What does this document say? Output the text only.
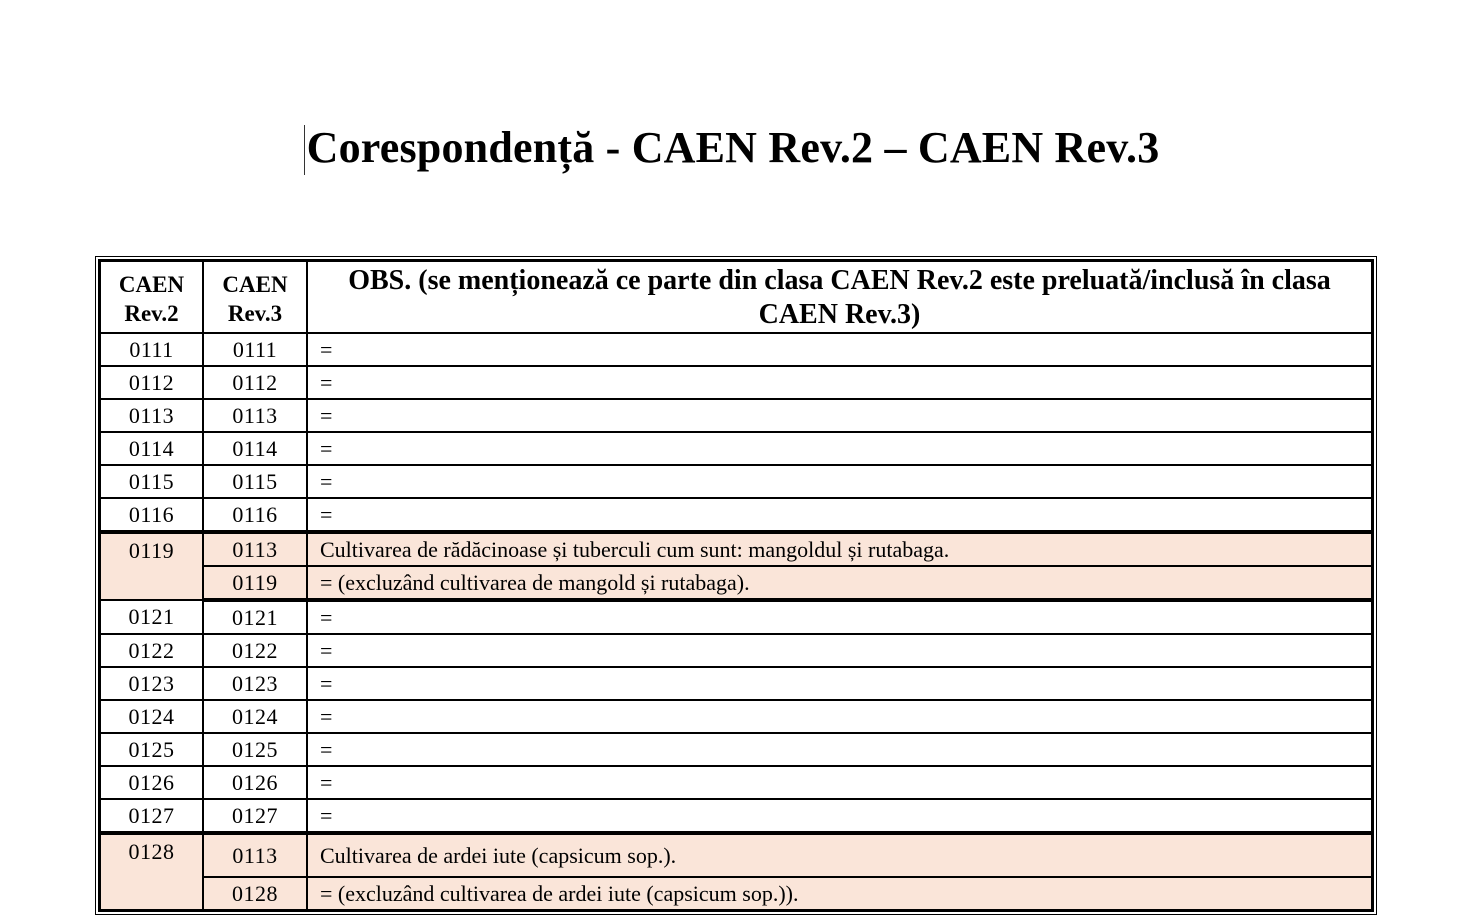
Corespondență - CAEN Rev.2 – CAEN Rev.3
CAEN Rev.2	CAEN Rev.3	OBS. (se menționează ce parte din clasa CAEN Rev.2 este preluată/inclusă în clasa CAEN Rev.3)
0111	0111	=
0112	0112	=
0113	0113	=
0114	0114	=
0115	0115	=
0116	0116	=
0119	0113	Cultivarea de rădăcinoase și tuberculi cum sunt: mangoldul și rutabaga.
	0119	= (excluzând cultivarea de mangold și rutabaga).
0121	0121	=
0122	0122	=
0123	0123	=
0124	0124	=
0125	0125	=
0126	0126	=
0127	0127	=
0128	0113	Cultivarea de ardei iute (capsicum sop.).
	0128	= (excluzând cultivarea de ardei iute (capsicum sop.)).
